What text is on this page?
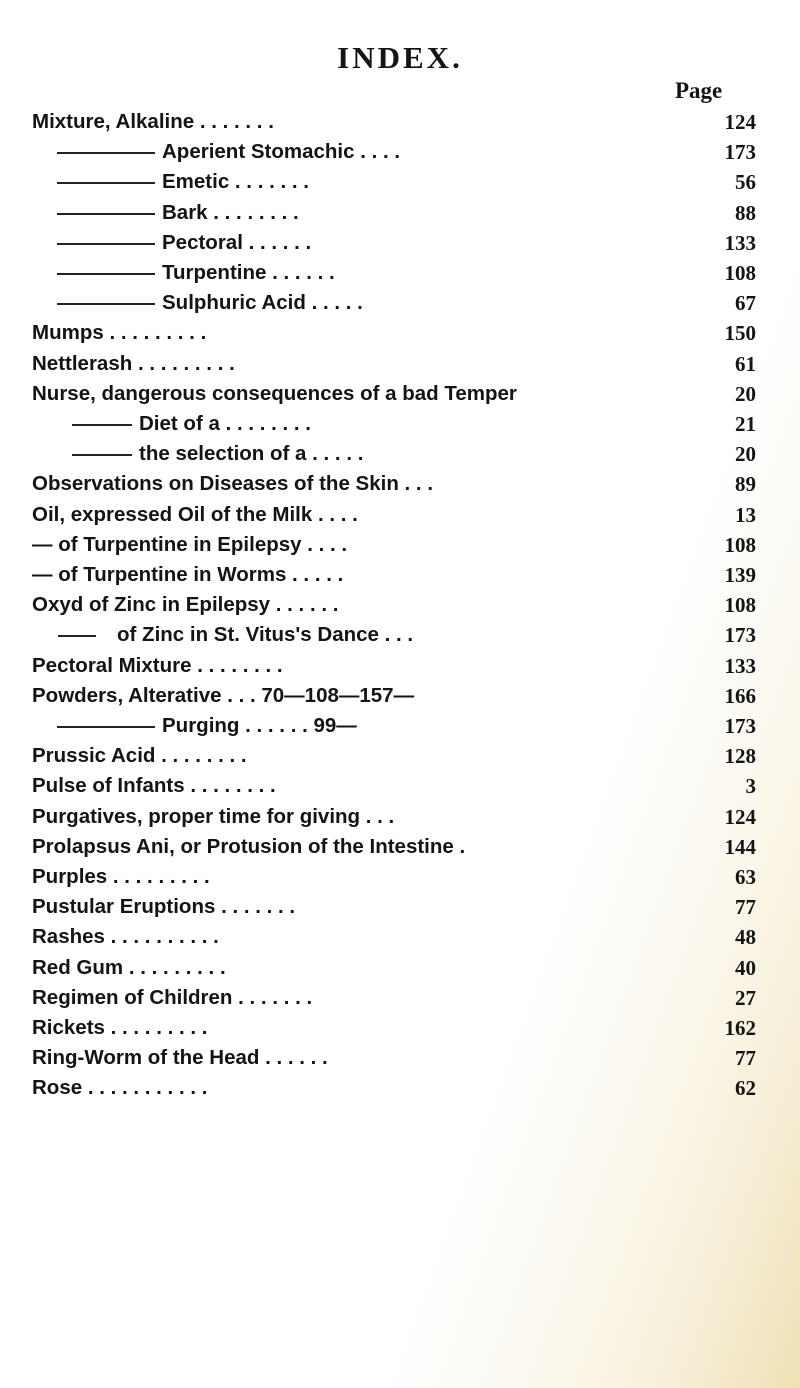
INDEX.
Page
Mixture, Alkaline . . . . . . .	124
Aperient Stomachic . . . .	173
Emetic . . . . . . .	56
Bark . . . . . . . .	88
Pectoral . . . . . .	133
Turpentine . . . . . .	108
Sulphuric Acid . . . . .	67
Mumps . . . . . . . . .	150
Nettlerash . . . . . . . . .	61
Nurse, dangerous consequences of a bad Temper	20
Diet of a . . . . . . . .	21
the selection of a . . . . .	20
Observations on Diseases of the Skin . . .	89
Oil, expressed Oil of the Milk . . . .	13
— of Turpentine in Epilepsy . . . .	108
— of Turpentine in Worms . . . . .	139
Oxyd of Zinc in Epilepsy . . . . . .	108
of Zinc in St. Vitus's Dance . . .	173
Pectoral Mixture . . . . . . . .	133
Powders, Alterative . . . 70—108—157—	166
Purging . . . . . . 99—	173
Prussic Acid . . . . . . . .	128
Pulse of Infants . . . . . . . .	3
Purgatives, proper time for giving . . .	124
Prolapsus Ani, or Protusion of the Intestine .	144
Purples . . . . . . . . .	63
Pustular Eruptions . . . . . . .	77
Rashes . . . . . . . . . .	48
Red Gum . . . . . . . . .	40
Regimen of Children . . . . . . .	27
Rickets . . . . . . . . .	162
Ring-Worm of the Head . . . . . .	77
Rose . . . . . . . . . . .	62
